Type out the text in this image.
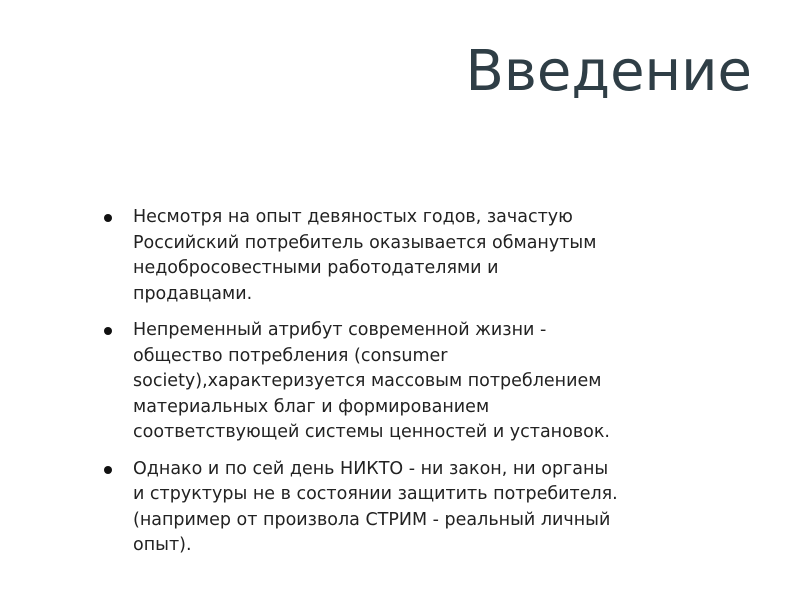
Введение
Несмотря на опыт девяностых годов, зачастую
Российский потребитель оказывается обманутым
недобросовестными работодателями и
продавцами.
Непременный атрибут современной жизни -
общество потребления (consumer
society),характеризуется массовым потреблением
материальных благ и формированием
соответствующей системы ценностей и установок.
Однако и по сей день НИКТО - ни закон, ни органы
и структуры не в состоянии защитить потребителя.
(например от произвола СТРИМ - реальный личный
опыт).
